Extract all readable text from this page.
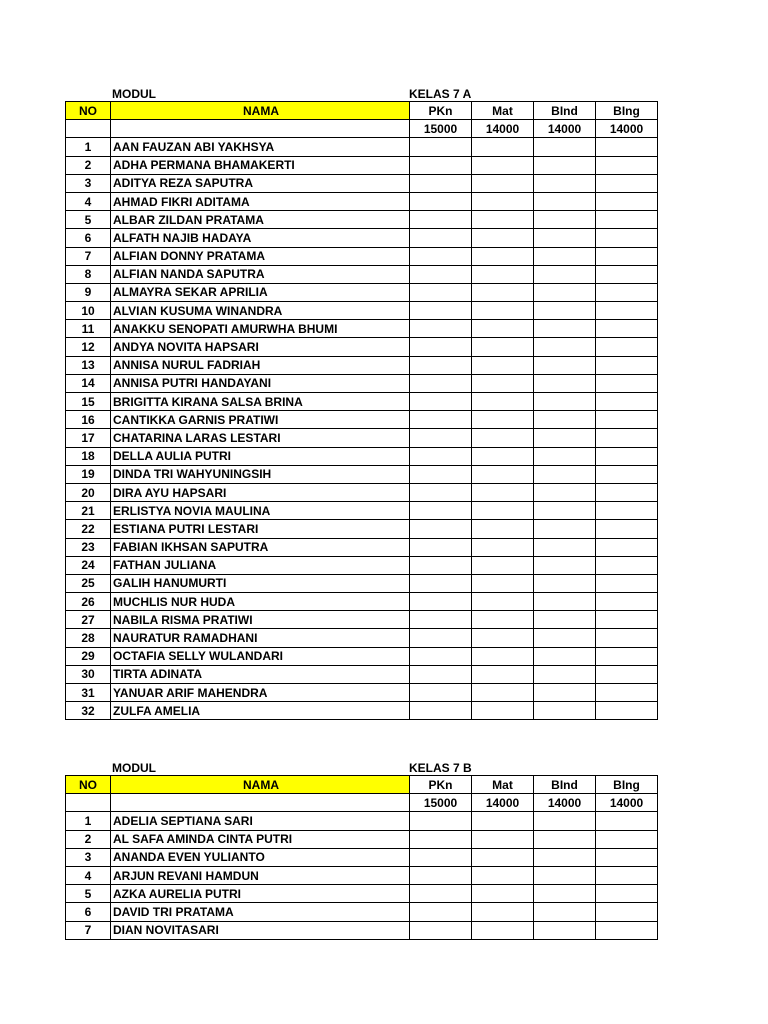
MODUL	KELAS 7 A
NO	NAMA	PKn	Mat	BInd	BIng
		15000	14000	14000	14000
1	AAN FAUZAN ABI YAKHSYA				
2	ADHA PERMANA BHAMAKERTI				
3	ADITYA REZA SAPUTRA				
4	AHMAD FIKRI ADITAMA				
5	ALBAR ZILDAN PRATAMA				
6	ALFATH NAJIB HADAYA				
7	ALFIAN DONNY PRATAMA				
8	ALFIAN NANDA SAPUTRA				
9	ALMAYRA SEKAR APRILIA				
10	ALVIAN KUSUMA WINANDRA				
11	ANAKKU SENOPATI AMURWHA BHUMI				
12	ANDYA NOVITA HAPSARI				
13	ANNISA NURUL FADRIAH				
14	ANNISA PUTRI HANDAYANI				
15	BRIGITTA KIRANA SALSA BRINA				
16	CANTIKKA GARNIS PRATIWI				
17	CHATARINA LARAS LESTARI				
18	DELLA AULIA PUTRI				
19	DINDA TRI WAHYUNINGSIH				
20	DIRA AYU HAPSARI				
21	ERLISTYA NOVIA MAULINA				
22	ESTIANA PUTRI LESTARI				
23	FABIAN IKHSAN SAPUTRA				
24	FATHAN JULIANA				
25	GALIH HANUMURTI				
26	MUCHLIS NUR HUDA				
27	NABILA RISMA PRATIWI				
28	NAURATUR RAMADHANI				
29	OCTAFIA SELLY WULANDARI				
30	TIRTA ADINATA				
31	YANUAR ARIF MAHENDRA				
32	ZULFA AMELIA				
MODUL	KELAS 7 B
NO	NAMA	PKn	Mat	BInd	BIng
		15000	14000	14000	14000
1	ADELIA SEPTIANA SARI				
2	AL SAFA AMINDA CINTA PUTRI				
3	ANANDA EVEN YULIANTO				
4	ARJUN REVANI HAMDUN				
5	AZKA AURELIA PUTRI				
6	DAVID TRI PRATAMA				
7	DIAN NOVITASARI				
